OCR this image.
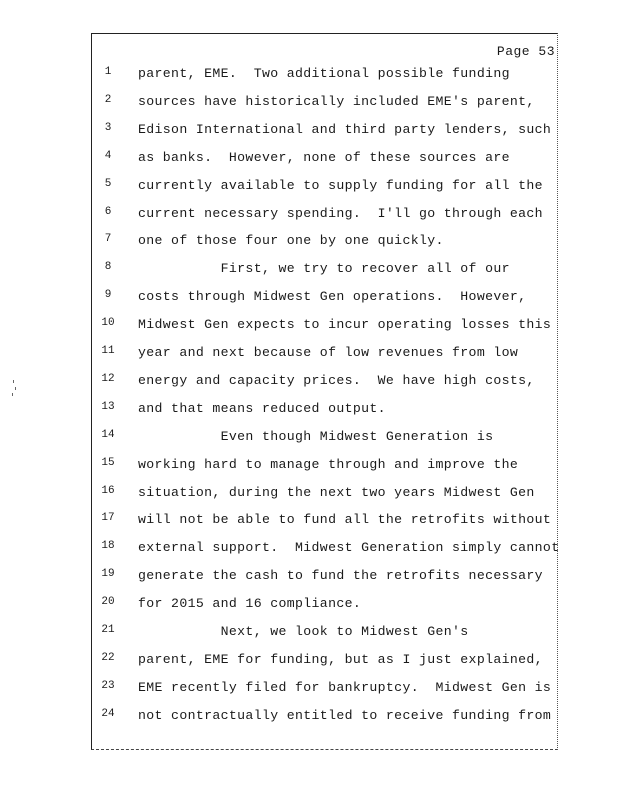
Page 53
1	parent, EME.  Two additional possible funding
2	sources have historically included EME's parent,
3	Edison International and third party lenders, such
4	as banks.  However, none of these sources are
5	currently available to supply funding for all the
6	current necessary spending.  I'll go through each
7	one of those four one by one quickly.
8	First, we try to recover all of our
9	costs through Midwest Gen operations.  However,
10	Midwest Gen expects to incur operating losses this
11	year and next because of low revenues from low
12	energy and capacity prices.  We have high costs,
13	and that means reduced output.
14	Even though Midwest Generation is
15	working hard to manage through and improve the
16	situation, during the next two years Midwest Gen
17	will not be able to fund all the retrofits without
18	external support.  Midwest Generation simply cannot
19	generate the cash to fund the retrofits necessary
20	for 2015 and 16 compliance.
21	Next, we look to Midwest Gen's
22	parent, EME for funding, but as I just explained,
23	EME recently filed for bankruptcy.  Midwest Gen is
24	not contractually entitled to receive funding from
